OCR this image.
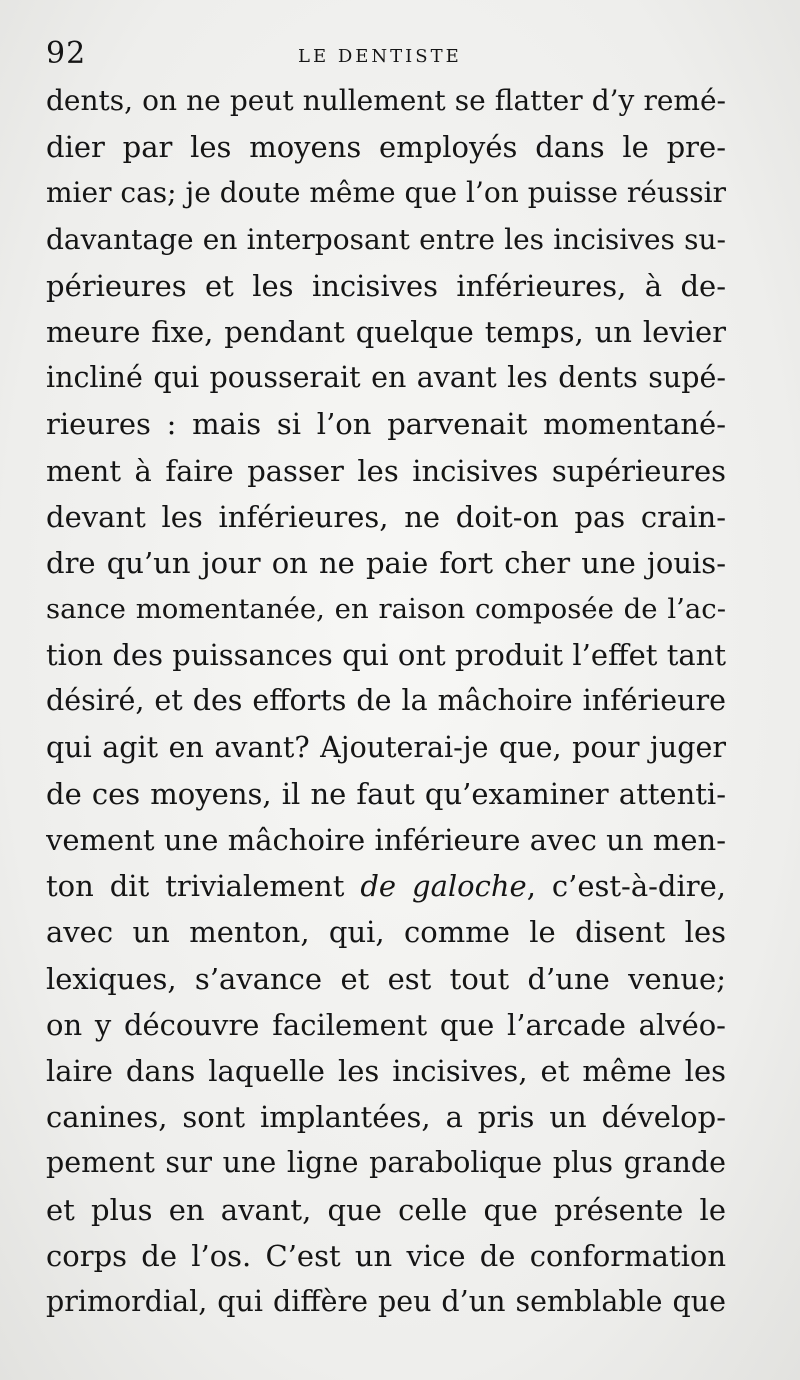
92	LE DENTISTE
dents, on ne peut nullement se flatter d’y remé-
dier par les moyens employés dans le pre-
mier cas; je doute même que l’on puisse réussir
davantage en interposant entre les incisives su-
périeures et les incisives inférieures, à de-
meure fixe, pendant quelque temps, un levier
incliné qui pousserait en avant les dents supé-
rieures : mais si l’on parvenait momentané-
ment à faire passer les incisives supérieures
devant les inférieures, ne doit-on pas crain-
dre qu’un jour on ne paie fort cher une jouis-
sance momentanée, en raison composée de l’ac-
tion des puissances qui ont produit l’effet tant
désiré, et des efforts de la mâchoire inférieure
qui agit en avant? Ajouterai-je que, pour juger
de ces moyens, il ne faut qu’examiner attenti-
vement une mâchoire inférieure avec un men-
ton dit trivialement de galoche, c’est-à-dire,
avec un menton, qui, comme le disent les
lexiques, s’avance et est tout d’une venue;
on y découvre facilement que l’arcade alvéo-
laire dans laquelle les incisives, et même les
canines, sont implantées, a pris un dévelop-
pement sur une ligne parabolique plus grande
et plus en avant, que celle que présente le
corps de l’os. C’est un vice de conformation
primordial, qui diffère peu d’un semblable que
